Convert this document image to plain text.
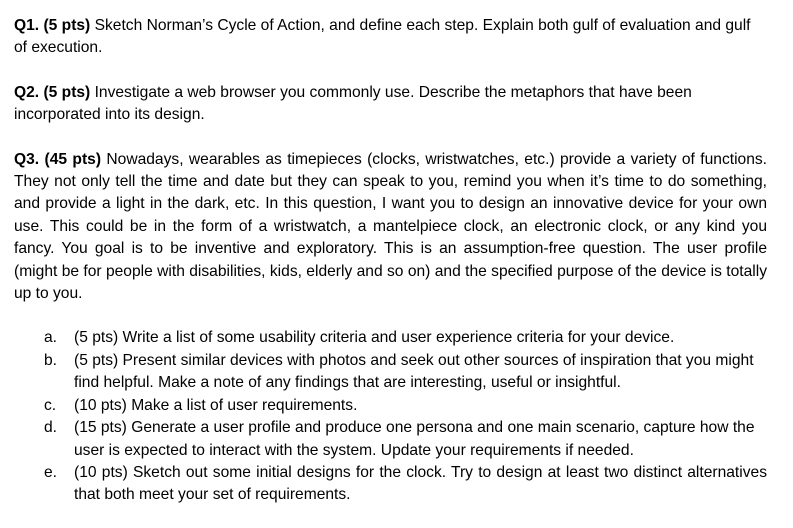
Q1. (5 pts) Sketch Norman’s Cycle of Action, and define each step. Explain both gulf of evaluation and gulf of execution.

Q2. (5 pts) Investigate a web browser you commonly use. Describe the metaphors that have been incorporated into its design.

Q3. (45 pts) Nowadays, wearables as timepieces (clocks, wristwatches, etc.) provide a variety of functions. They not only tell the time and date but they can speak to you, remind you when it’s time to do something, and provide a light in the dark, etc. In this question, I want you to design an innovative device for your own use. This could be in the form of a wristwatch, a mantelpiece clock, an electronic clock, or any kind you fancy. You goal is to be inventive and exploratory. This is an assumption-free question. The user profile (might be for people with disabilities, kids, elderly and so on) and the specified purpose of the device is totally up to you.

a.	(5 pts) Write a list of some usability criteria and user experience criteria for your device.
b.	(5 pts) Present similar devices with photos and seek out other sources of inspiration that you might find helpful. Make a note of any findings that are interesting, useful or insightful.
c.	(10 pts) Make a list of user requirements.
d.	(15 pts) Generate a user profile and produce one persona and one main scenario, capture how the user is expected to interact with the system. Update your requirements if needed.
e.	(10 pts) Sketch out some initial designs for the clock. Try to design at least two distinct alternatives that both meet your set of requirements.
